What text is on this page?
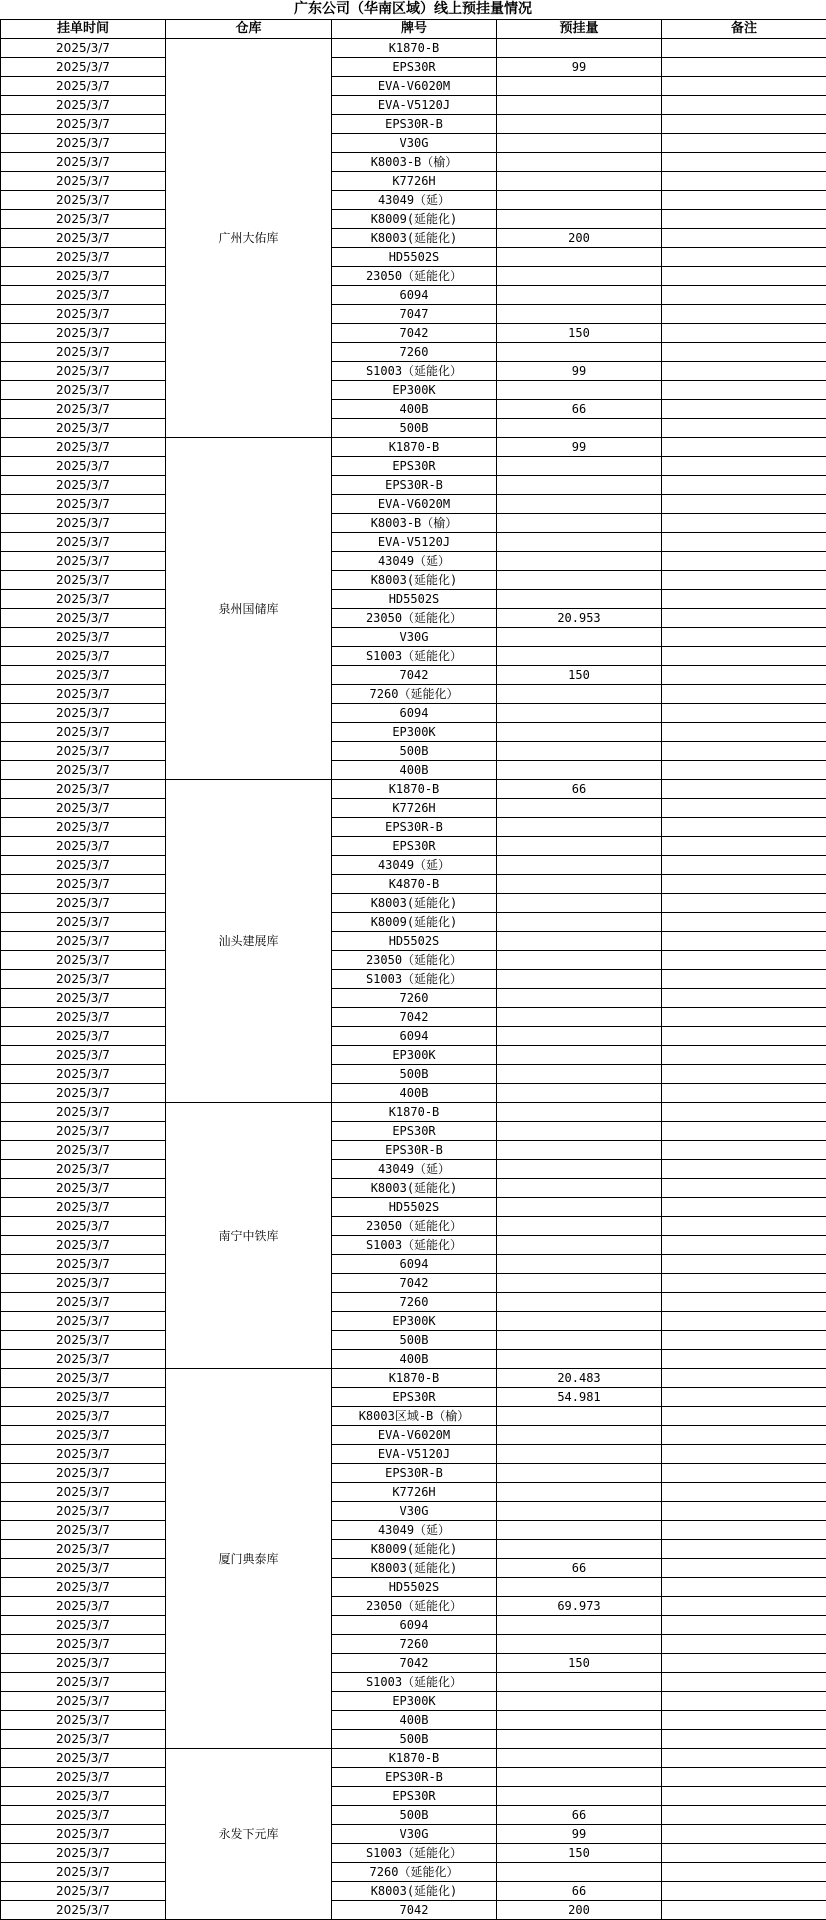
广东公司（华南区域）线上预挂量情况
挂单时间	仓库	牌号	预挂量	备注
2025/3/7	广州大佑库	K1870-B		
2025/3/7		EPS30R	99	
2025/3/7		EVA-V6020M		
2025/3/7		EVA-V5120J		
2025/3/7		EPS30R-B		
2025/3/7		V30G		
2025/3/7		K8003-B（榆）		
2025/3/7		K7726H		
2025/3/7		43049（延）		
2025/3/7		K8009(延能化)		
2025/3/7		K8003(延能化)	200	
2025/3/7		HD5502S		
2025/3/7		23050（延能化）		
2025/3/7		6094		
2025/3/7		7047		
2025/3/7		7042	150	
2025/3/7		7260		
2025/3/7		S1003（延能化）	99	
2025/3/7		EP300K		
2025/3/7		400B	66	
2025/3/7		500B		
2025/3/7	泉州国储库	K1870-B	99	
2025/3/7		EPS30R		
2025/3/7		EPS30R-B		
2025/3/7		EVA-V6020M		
2025/3/7		K8003-B（榆）		
2025/3/7		EVA-V5120J		
2025/3/7		43049（延）		
2025/3/7		K8003(延能化)		
2025/3/7		HD5502S		
2025/3/7		23050（延能化）	20.953	
2025/3/7		V30G		
2025/3/7		S1003（延能化）		
2025/3/7		7042	150	
2025/3/7		7260（延能化）		
2025/3/7		6094		
2025/3/7		EP300K		
2025/3/7		500B		
2025/3/7		400B		
2025/3/7	汕头建展库	K1870-B	66	
2025/3/7		K7726H		
2025/3/7		EPS30R-B		
2025/3/7		EPS30R		
2025/3/7		43049（延）		
2025/3/7		K4870-B		
2025/3/7		K8003(延能化)		
2025/3/7		K8009(延能化)		
2025/3/7		HD5502S		
2025/3/7		23050（延能化）		
2025/3/7		S1003（延能化）		
2025/3/7		7260		
2025/3/7		7042		
2025/3/7		6094		
2025/3/7		EP300K		
2025/3/7		500B		
2025/3/7		400B		
2025/3/7	南宁中铁库	K1870-B		
2025/3/7		EPS30R		
2025/3/7		EPS30R-B		
2025/3/7		43049（延）		
2025/3/7		K8003(延能化)		
2025/3/7		HD5502S		
2025/3/7		23050（延能化）		
2025/3/7		S1003（延能化）		
2025/3/7		6094		
2025/3/7		7042		
2025/3/7		7260		
2025/3/7		EP300K		
2025/3/7		500B		
2025/3/7		400B		
2025/3/7	厦门典泰库	K1870-B	20.483	
2025/3/7		EPS30R	54.981	
2025/3/7		K8003区域-B（榆）		
2025/3/7		EVA-V6020M		
2025/3/7		EVA-V5120J		
2025/3/7		EPS30R-B		
2025/3/7		K7726H		
2025/3/7		V30G		
2025/3/7		43049（延）		
2025/3/7		K8009(延能化)		
2025/3/7		K8003(延能化)	66	
2025/3/7		HD5502S		
2025/3/7		23050（延能化）	69.973	
2025/3/7		6094		
2025/3/7		7260		
2025/3/7		7042	150	
2025/3/7		S1003（延能化）		
2025/3/7		EP300K		
2025/3/7		400B		
2025/3/7		500B		
2025/3/7	永发下元库	K1870-B		
2025/3/7		EPS30R-B		
2025/3/7		EPS30R		
2025/3/7		500B	66	
2025/3/7		V30G	99	
2025/3/7		S1003（延能化）	150	
2025/3/7		7260（延能化）		
2025/3/7		K8003(延能化)	66	
2025/3/7		7042	200	
